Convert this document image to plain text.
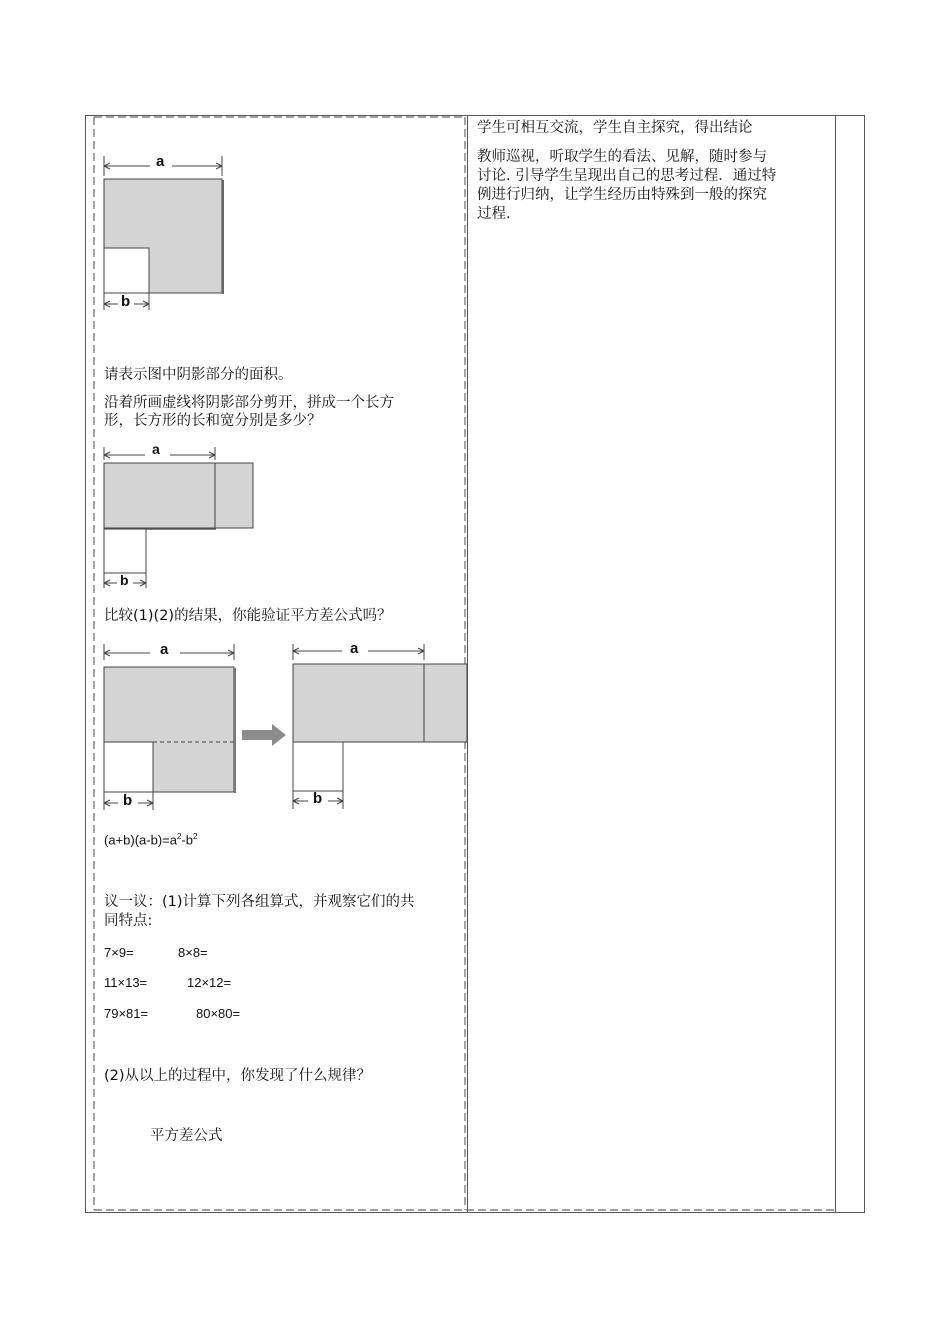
a
b
请表示图中阴影部分的面积。
沿着所画虚线将阴影部分剪开，拼成一个长方
形，长方形的长和宽分别是多少？
a
b
比较(1)(2)的结果，你能验证平方差公式吗？
a
b
a
b
$(a+b)(a-b)=a^2-b^2$
议一议：(1)计算下列各组算式，并观察它们的共
同特点:
7×9=	8×8=
11×13=	12×12=
79×81=	80×80=
(2)从以上的过程中，你发现了什么规律？
平方差公式
学生可相互交流，学生自主探究，得出结论
教师巡视，听取学生的看法、见解，随时参与
讨论. 引导学生呈现出自己的思考过程．通过特
例进行归纳，让学生经历由特殊到一般的探究
过程.
